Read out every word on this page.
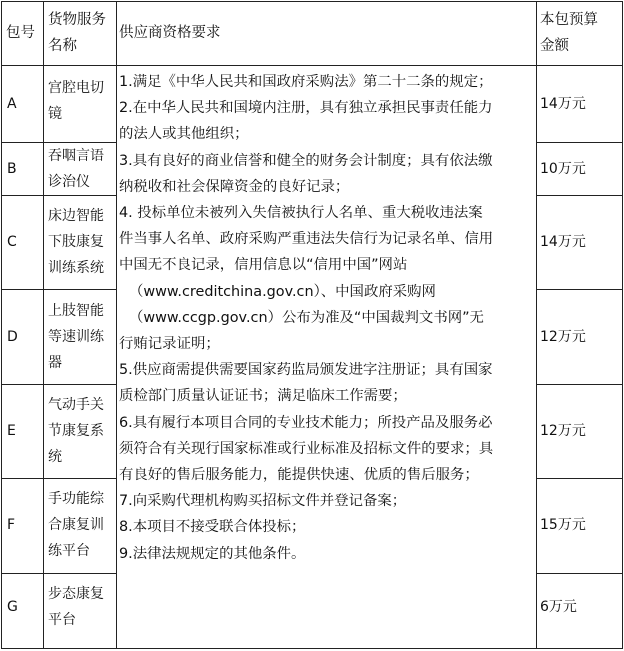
包号
货物服务
名称
供应商资格要求
本包预算
金额
A
宫腔电切
镜
14万元
B
吞咽言语
诊治仪
10万元
C
床边智能
下肢康复
训练系统
14万元
D
上肢智能
等速训练
器
12万元
E
气动手关
节康复系
统
12万元
F
手功能综
合康复训
练平台
15万元
G
步态康复
平台
6万元
1.满足《中华人民共和国政府采购法》第二十二条的规定；
2.在中华人民共和国境内注册，具有独立承担民事责任能力
的法人或其他组织；
3.具有良好的商业信誉和健全的财务会计制度；具有依法缴
纳税收和社会保障资金的良好记录；
4. 投标单位未被列入失信被执行人名单、重大税收违法案
件当事人名单、政府采购严重违法失信行为记录名单、信用
中国无不良记录，信用信息以“信用中国”网站
（www.creditchina.gov.cn）、中国政府采购网
（www.ccgp.gov.cn）公布为准及“中国裁判文书网”无
行贿记录证明；
5.供应商需提供需要国家药监局颁发进字注册证；具有国家
质检部门质量认证证书；满足临床工作需要；
6.具有履行本项目合同的专业技术能力；所投产品及服务必
须符合有关现行国家标准或行业标准及招标文件的要求；具
有良好的售后服务能力，能提供快速、优质的售后服务；
7.向采购代理机构购买招标文件并登记备案；
8.本项目不接受联合体投标；
9.法律法规规定的其他条件。
